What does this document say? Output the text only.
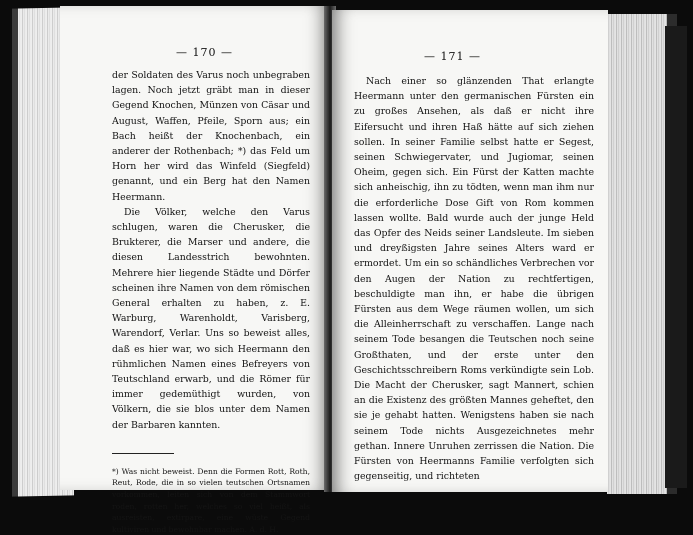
— 170 —

der Soldaten des Varus noch unbegraben lagen. Noch jetzt gräbt man in dieser Gegend Knochen, Münzen von Cäsar und August, Waffen, Pfeile, Sporn aus; ein Bach heißt der Knochenbach, ein anderer der Rothenbach; *) das Feld um Horn her wird das Winfeld (Siegfeld) genannt, und ein Berg hat den Namen Heermann.

Die Völker, welche den Varus schlugen, waren die Cherusker, die Brukterer, die Marser und andere, die diesen Landesstrich bewohnten. Mehrere hier liegende Städte und Dörfer scheinen ihre Namen von dem römischen General erhalten zu haben, z. E. Warburg, Warenholdt, Varisberg, Warendorf, Verlar. Uns so beweist alles, daß es hier war, wo sich Heermann den rühmlichen Namen eines Befreyers von Teutschland erwarb, und die Römer für immer gedemüthigt wurden, von Völkern, die sie blos unter dem Namen der Barbaren kannten.

*) Was nicht beweist. Denn die Formen Rott, Roth, Reut, Rode, die in so vielen teutschen Ortsnamen vorkommen, leiten sich von dem Stammwort roden, rotten her, welches so viel heißt, als ausreisten, extirpare, eine wüste Gegend kultiviren und bewohnbar machen. A. d. H.
— 171 —

Nach einer so glänzenden That erlangte Heermann unter den germanischen Fürsten ein zu großes Ansehen, als daß er nicht ihre Eifersucht und ihren Haß hätte auf sich ziehen sollen. In seiner Familie selbst hatte er Segest, seinen Schwiegervater, und Jugiomar, seinen Oheim, gegen sich. Ein Fürst der Katten machte sich anheischig, ihn zu tödten, wenn man ihm nur die erforderliche Dose Gift von Rom kommen lassen wollte. Bald wurde auch der junge Held das Opfer des Neids seiner Landsleute. Im sieben und dreyßigsten Jahre seines Alters ward er ermordet. Um ein so schändliches Verbrechen vor den Augen der Nation zu rechtfertigen, beschuldigte man ihn, er habe die übrigen Fürsten aus dem Wege räumen wollen, um sich die Alleinherrschaft zu verschaffen. Lange nach seinem Tode besangen die Teutschen noch seine Großthaten, und der erste unter den Geschichtsschreibern Roms verkündigte sein Lob. Die Macht der Cherusker, sagt Mannert, schien an die Existenz des größten Mannes geheftet, den sie je gehabt hatten. Wenigstens haben sie nach seinem Tode nichts Ausgezeichnetes mehr gethan. Innere Unruhen zerrissen die Nation. Die Fürsten von Heermanns Familie verfolgten sich gegenseitig, und richteten
